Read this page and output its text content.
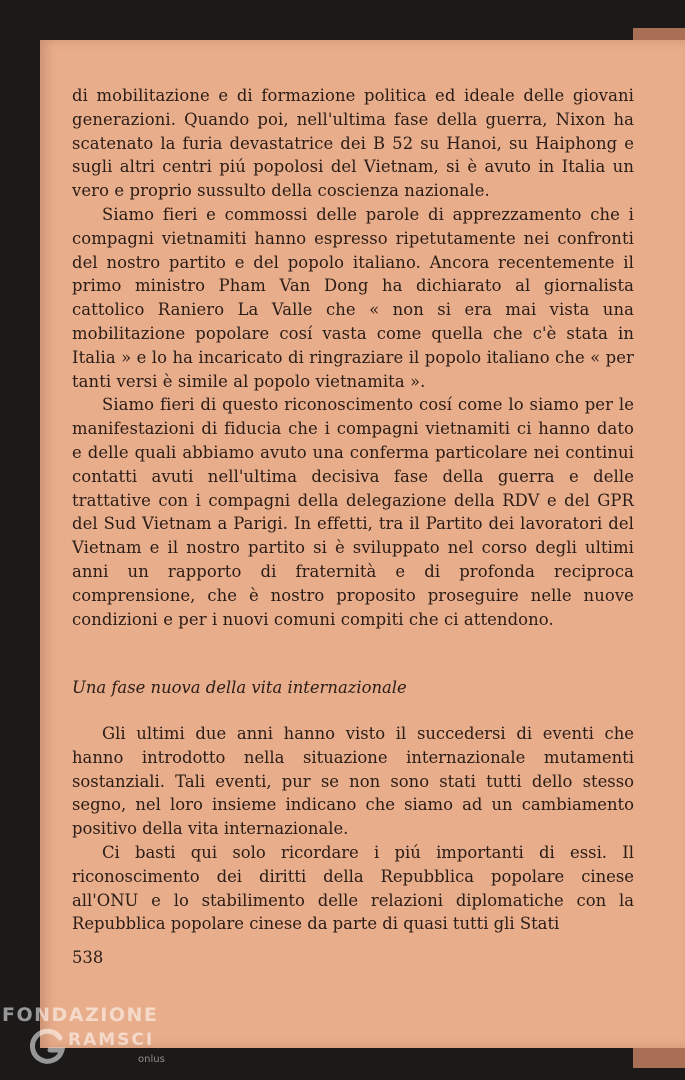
di mobilitazione e di formazione politica ed ideale delle giovani generazioni. Quando poi, nell'ultima fase della guerra, Nixon ha scatenato la furia devastatrice dei B 52 su Hanoi, su Haiphong e sugli altri centri piú popolosi del Vietnam, si è avuto in Italia un vero e proprio sussulto della coscienza nazionale.

Siamo fieri e commossi delle parole di apprezzamento che i compagni vietnamiti hanno espresso ripetutamente nei confronti del nostro partito e del popolo italiano. Ancora recentemente il primo ministro Pham Van Dong ha dichiarato al giornalista cattolico Raniero La Valle che « non si era mai vista una mobilitazione popolare cosí vasta come quella che c'è stata in Italia » e lo ha incaricato di ringraziare il popolo italiano che « per tanti versi è simile al popolo vietnamita ».

Siamo fieri di questo riconoscimento cosí come lo siamo per le manifestazioni di fiducia che i compagni vietnamiti ci hanno dato e delle quali abbiamo avuto una conferma particolare nei continui contatti avuti nell'ultima decisiva fase della guerra e delle trattative con i compagni della delegazione della RDV e del GPR del Sud Vietnam a Parigi. In effetti, tra il Partito dei lavoratori del Vietnam e il nostro partito si è sviluppato nel corso degli ultimi anni un rapporto di fraternità e di profonda reciproca comprensione, che è nostro proposito proseguire nelle nuove condizioni e per i nuovi comuni compiti che ci attendono.

Una fase nuova della vita internazionale

Gli ultimi due anni hanno visto il succedersi di eventi che hanno introdotto nella situazione internazionale mutamenti sostanziali. Tali eventi, pur se non sono stati tutti dello stesso segno, nel loro insieme indicano che siamo ad un cambiamento positivo della vita internazionale.

Ci basti qui solo ricordare i piú importanti di essi. Il riconoscimento dei diritti della Repubblica popolare cinese all'ONU e lo stabilimento delle relazioni diplomatiche con la Repubblica popolare cinese da parte di quasi tutti gli Stati

538
FONDAZIONE
RAMSCI
onlus
